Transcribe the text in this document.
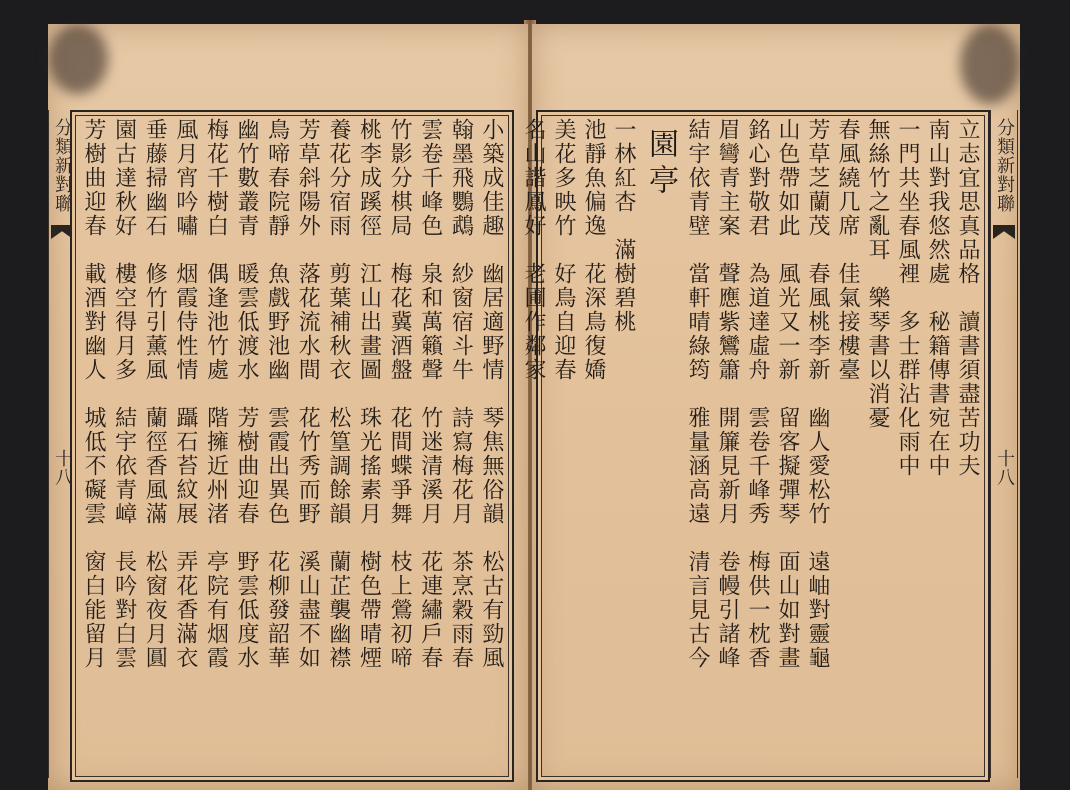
分類新對聯
十八	小築成佳趣　幽居適野情　琴焦無俗韻　松古有勁風
翰墨飛鸚鵡　紗窗宿斗牛　詩寫梅花月　茶烹穀雨春
雲卷千峰色　泉和萬籟聲　竹迷清溪月　花連繡戶春
竹影分棋局　梅花冀酒盤　花間蝶爭舞　枝上鶯初啼
桃李成蹊徑　江山出畫圖　珠光搖素月　樹色帶晴煙
養花分宿雨　剪葉補秋衣　松篁調餘韻　蘭芷襲幽襟
芳草斜陽外　落花流水間　花竹秀而野　溪山盡不如
鳥啼春院靜　魚戲野池幽　雲霞出異色　花柳發韶華
幽竹數叢青　暖雲低渡水　芳樹曲迎春　野雲低度水
梅花千樹白　偶逢池竹處　階擁近州渚　亭院有烟霞
風月宵吟嘯　烟霞侍性情　躡石苔紋展　弄花香滿衣
垂藤掃幽石　修竹引薰風　蘭徑香風滿　松窗夜月圓
園古達秋好　樓空得月多　結宇依青嶂　長吟對白雲
芳樹曲迎春　載酒對幽人　城低不礙雲　窗白能留月	立志宜思真品格　讀書須盡苦功夫
南山對我悠然處　秘籍傳書宛在中
一門共坐春風裡　多士群沾化雨中
無絲竹之亂耳　樂琴書以消憂
春風繞几席　佳氣接樓臺
芳草芝蘭茂　春風桃李新　幽人愛松竹　遠岫對靈龜
山色帶如此　風光又一新　留客擬彈琴　面山如對畫
銘心對敬君　為道達虛舟　雲卷千峰秀　梅供一枕香
眉彎青主案　聲應紫鸞簫　開簾見新月　卷幔引諸峰
結宇依青壁　當軒晴綠筠　雅量涵高遠　清言見古今
園亭
一林紅杏　滿樹碧桃
池靜魚偏逸　花深鳥復嬌
美花多映竹　好鳥自迎春
名山諧鳳好　老圃作鄰家	分類新對聯
十八
